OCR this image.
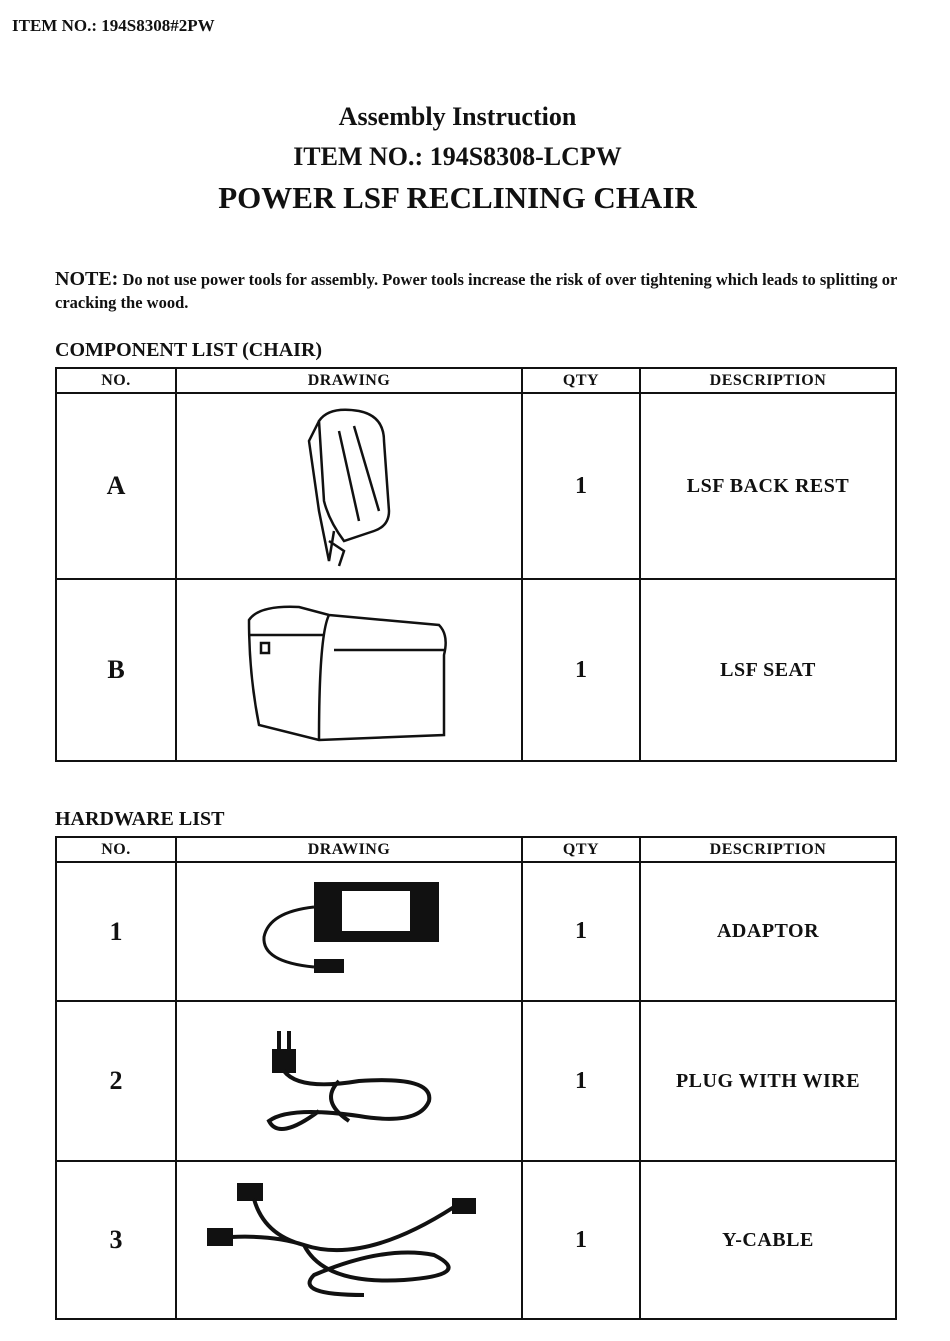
ITEM NO.: 194S8308#2PW
Assembly Instruction
ITEM NO.: 194S8308-LCPW
POWER LSF RECLINING CHAIR
NOTE: Do not use power tools for assembly. Power tools increase the risk of over tightening which leads to splitting or cracking the wood.
COMPONENT LIST (CHAIR)
NO.	DRAWING	QTY	DESCRIPTION
A		1	LSF BACK REST
B		1	LSF SEAT
HARDWARE LIST
NO.	DRAWING	QTY	DESCRIPTION
1		1	ADAPTOR
2		1	PLUG WITH WIRE
3		1	Y-CABLE
